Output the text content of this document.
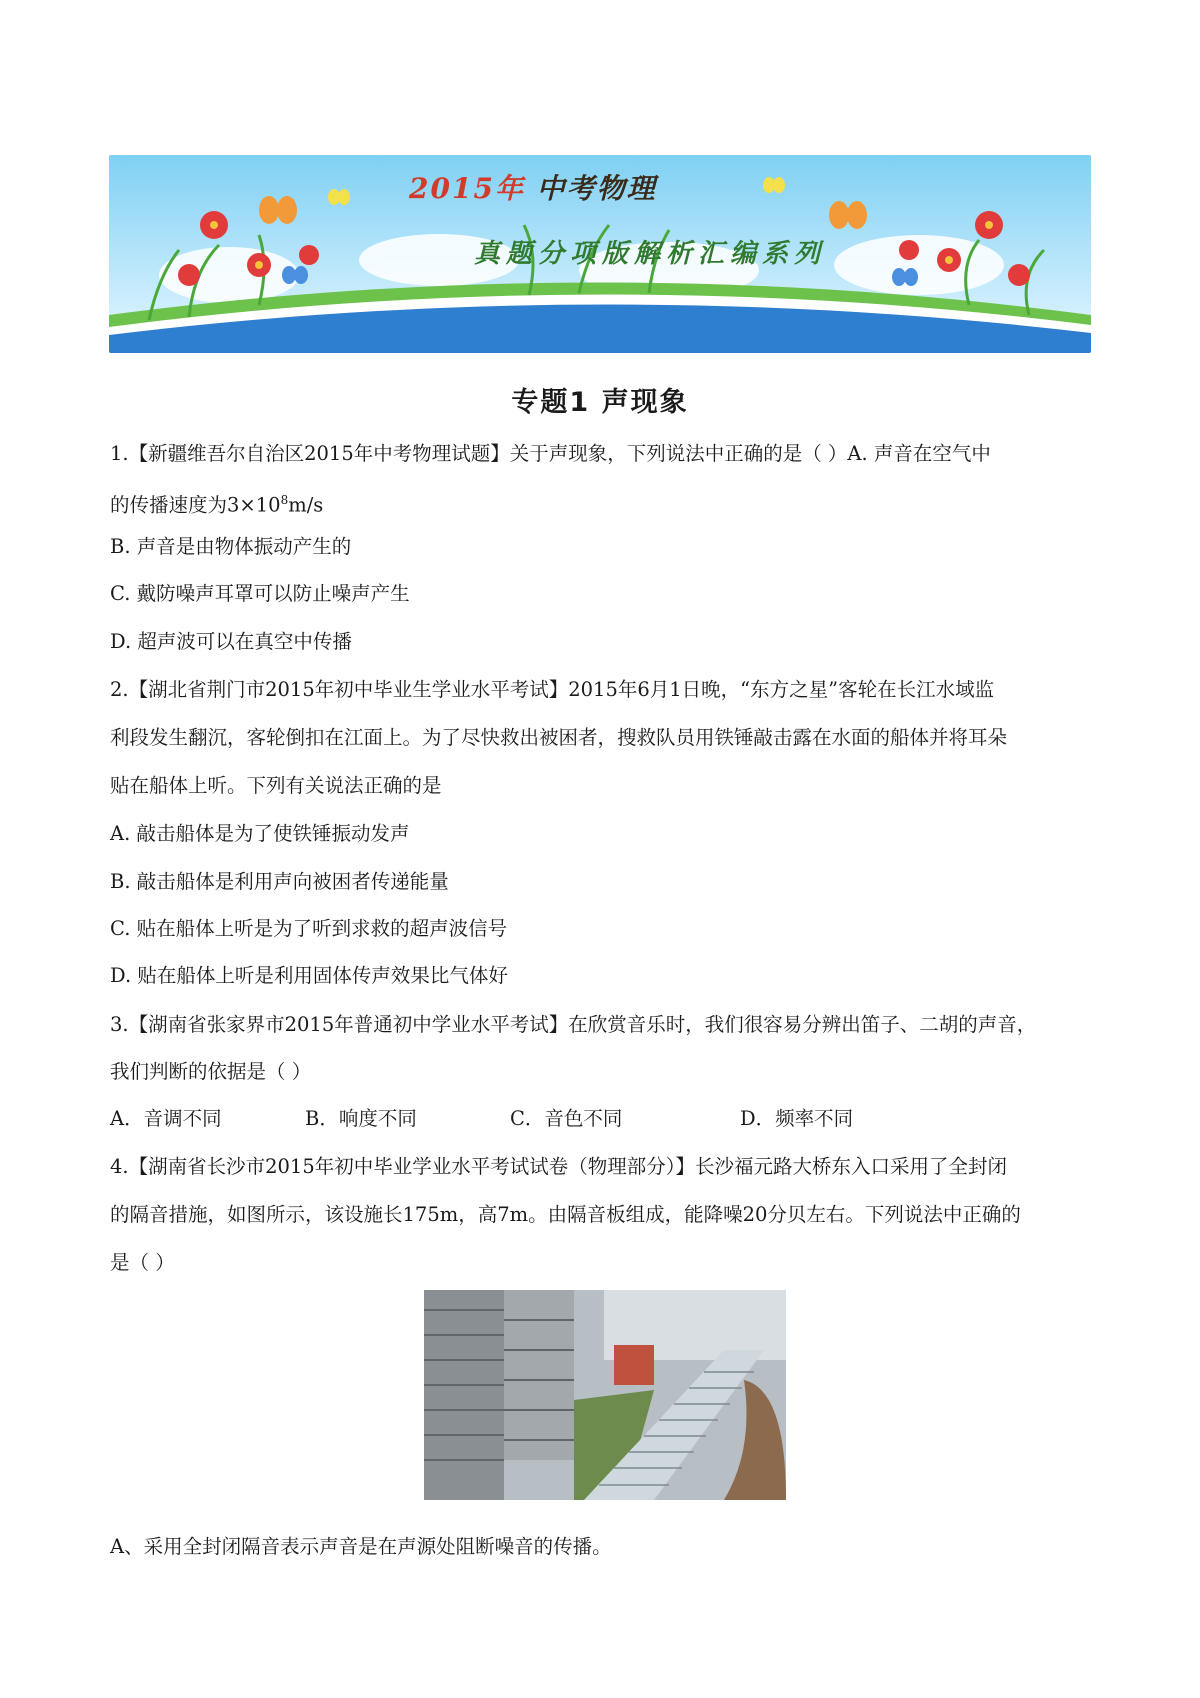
2015年 中考物理
真题分项版解析汇编系列
专题1 声现象
1.【新疆维吾尔自治区2015年中考物理试题】关于声现象，下列说法中正确的是（ ）A. 声音在空气中
的传播速度为$3\times 10^8m/s$
B. 声音是由物体振动产生的
C. 戴防噪声耳罩可以防止噪声产生
D. 超声波可以在真空中传播
2.【湖北省荆门市2015年初中毕业生学业水平考试】2015年6月1日晚，“东方之星”客轮在长江水域监
利段发生翻沉，客轮倒扣在江面上。为了尽快救出被困者，搜救队员用铁锤敲击露在水面的船体并将耳朵
贴在船体上听。下列有关说法正确的是
A. 敲击船体是为了使铁锤振动发声
B. 敲击船体是利用声向被困者传递能量
C. 贴在船体上听是为了听到求救的超声波信号
D. 贴在船体上听是利用固体传声效果比气体好
3.【湖南省张家界市2015年普通初中学业水平考试】在欣赏音乐时，我们很容易分辨出笛子、二胡的声音，
我们判断的依据是（ ）
A．音调不同	B．响度不同	C．音色不同	D．频率不同
4.【湖南省长沙市2015年初中毕业学业水平考试试卷（物理部分）】长沙福元路大桥东入口采用了全封闭
的隔音措施，如图所示，该设施长175m，高7m。由隔音板组成，能降噪20分贝左右。下列说法中正确的
是（ ）
A、采用全封闭隔音表示声音是在声源处阻断噪音的传播。
